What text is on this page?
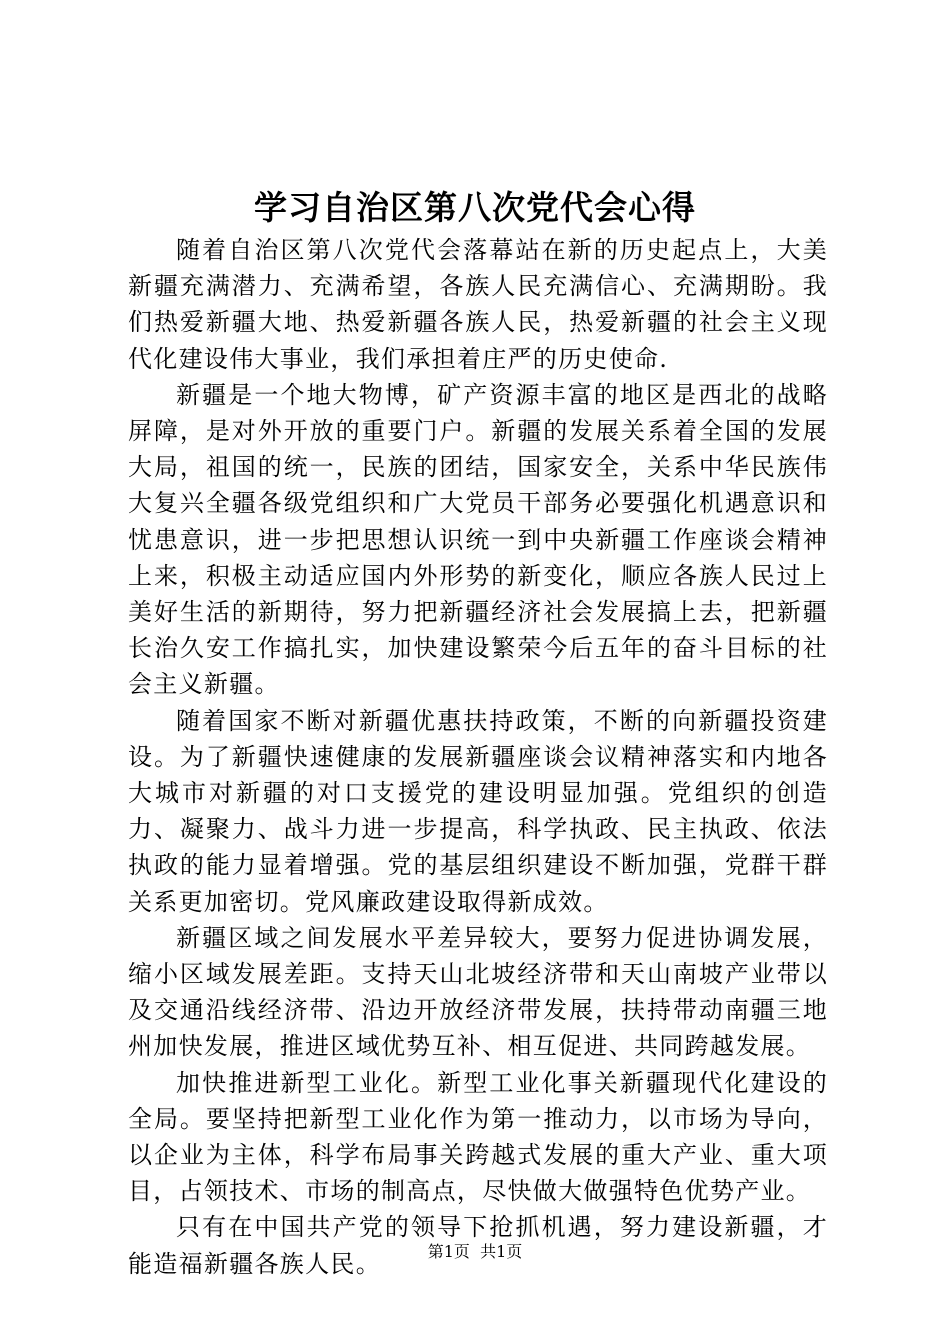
学习自治区第八次党代会心得

随着自治区第八次党代会落幕站在新的历史起点上，大美新疆充满潜力、充满希望，各族人民充满信心、充满期盼。我们热爱新疆大地、热爱新疆各族人民，热爱新疆的社会主义现代化建设伟大事业，我们承担着庄严的历史使命.

新疆是一个地大物博，矿产资源丰富的地区是西北的战略屏障，是对外开放的重要门户。新疆的发展关系着全国的发展大局，祖国的统一，民族的团结，国家安全，关系中华民族伟大复兴全疆各级党组织和广大党员干部务必要强化机遇意识和忧患意识，进一步把思想认识统一到中央新疆工作座谈会精神上来，积极主动适应国内外形势的新变化，顺应各族人民过上美好生活的新期待，努力把新疆经济社会发展搞上去，把新疆长治久安工作搞扎实，加快建设繁荣今后五年的奋斗目标的社会主义新疆。

随着国家不断对新疆优惠扶持政策，不断的向新疆投资建设。为了新疆快速健康的发展新疆座谈会议精神落实和内地各大城市对新疆的对口支援党的建设明显加强。党组织的创造力、凝聚力、战斗力进一步提高，科学执政、民主执政、依法执政的能力显着增强。党的基层组织建设不断加强，党群干群关系更加密切。党风廉政建设取得新成效。

新疆区域之间发展水平差异较大，要努力促进协调发展，缩小区域发展差距。支持天山北坡经济带和天山南坡产业带以及交通沿线经济带、沿边开放经济带发展，扶持带动南疆三地州加快发展，推进区域优势互补、相互促进、共同跨越发展。

加快推进新型工业化。新型工业化事关新疆现代化建设的全局。要坚持把新型工业化作为第一推动力，以市场为导向，以企业为主体，科学布局事关跨越式发展的重大产业、重大项目，占领技术、市场的制高点，尽快做大做强特色优势产业。

只有在中国共产党的领导下抢抓机遇，努力建设新疆，才能造福新疆各族人民。	第1页  共1页
